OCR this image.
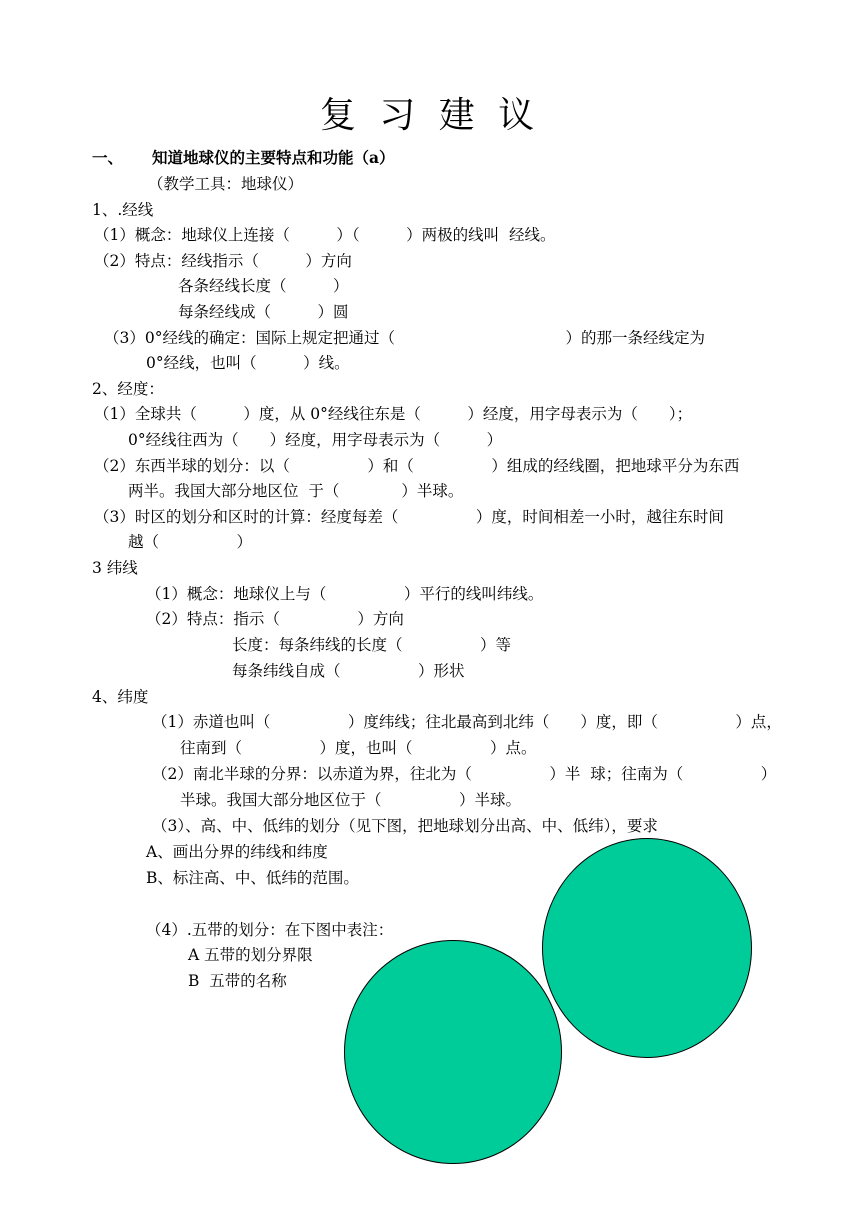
复 习 建 议
一、 知道地球仪的主要特点和功能（a）
（教学工具：地球仪）
1、.经线
（1）概念：地球仪上连接（　　　）（　　　）两极的线叫  经线。
（2）特点：经线指示（　　　）方向
各条经线长度（　　　）
每条经线成（　　　）圆
（3）0°经线的确定：国际上规定把通过（　　　　　　　　　　　）的那一条经线定为
0°经线，也叫（　　　）线。
2、经度：
（1）全球共（　　　）度，从 0°经线往东是（　　　）经度，用字母表示为（　　）；
0°经线往西为（　　）经度，用字母表示为（　　　）
（2）东西半球的划分：以（　　　　　）和（　　　　　）组成的经线圈，把地球平分为东西
两半。我国大部分地区位  于（　　　　）半球。
（3）时区的划分和区时的计算：经度每差（　　　　　）度，时间相差一小时，越往东时间
越（　　　　　）
3 纬线
（1）概念：地球仪上与（　　　　　）平行的线叫纬线。
（2）特点：指示（　　　　　）方向
长度：每条纬线的长度（　　　　　）等
每条纬线自成（　　　　　）形状
4、纬度
（1）赤道也叫（　　　　　）度纬线；往北最高到北纬（　　）度，即（　　　　　）点，
往南到（　　　　　）度，也叫（　　　　　）点。
（2）南北半球的分界：以赤道为界，往北为（　　　　　）半  球；往南为（　　　　　）
半球。我国大部分地区位于（　　　　　）半球。
（3）、高、中、低纬的划分（见下图，把地球划分出高、中、低纬），要求
A、画出分界的纬线和纬度
B、标注高、中、低纬的范围。
（4）.五带的划分：在下图中表注：
A 五带的划分界限
B  五带的名称
